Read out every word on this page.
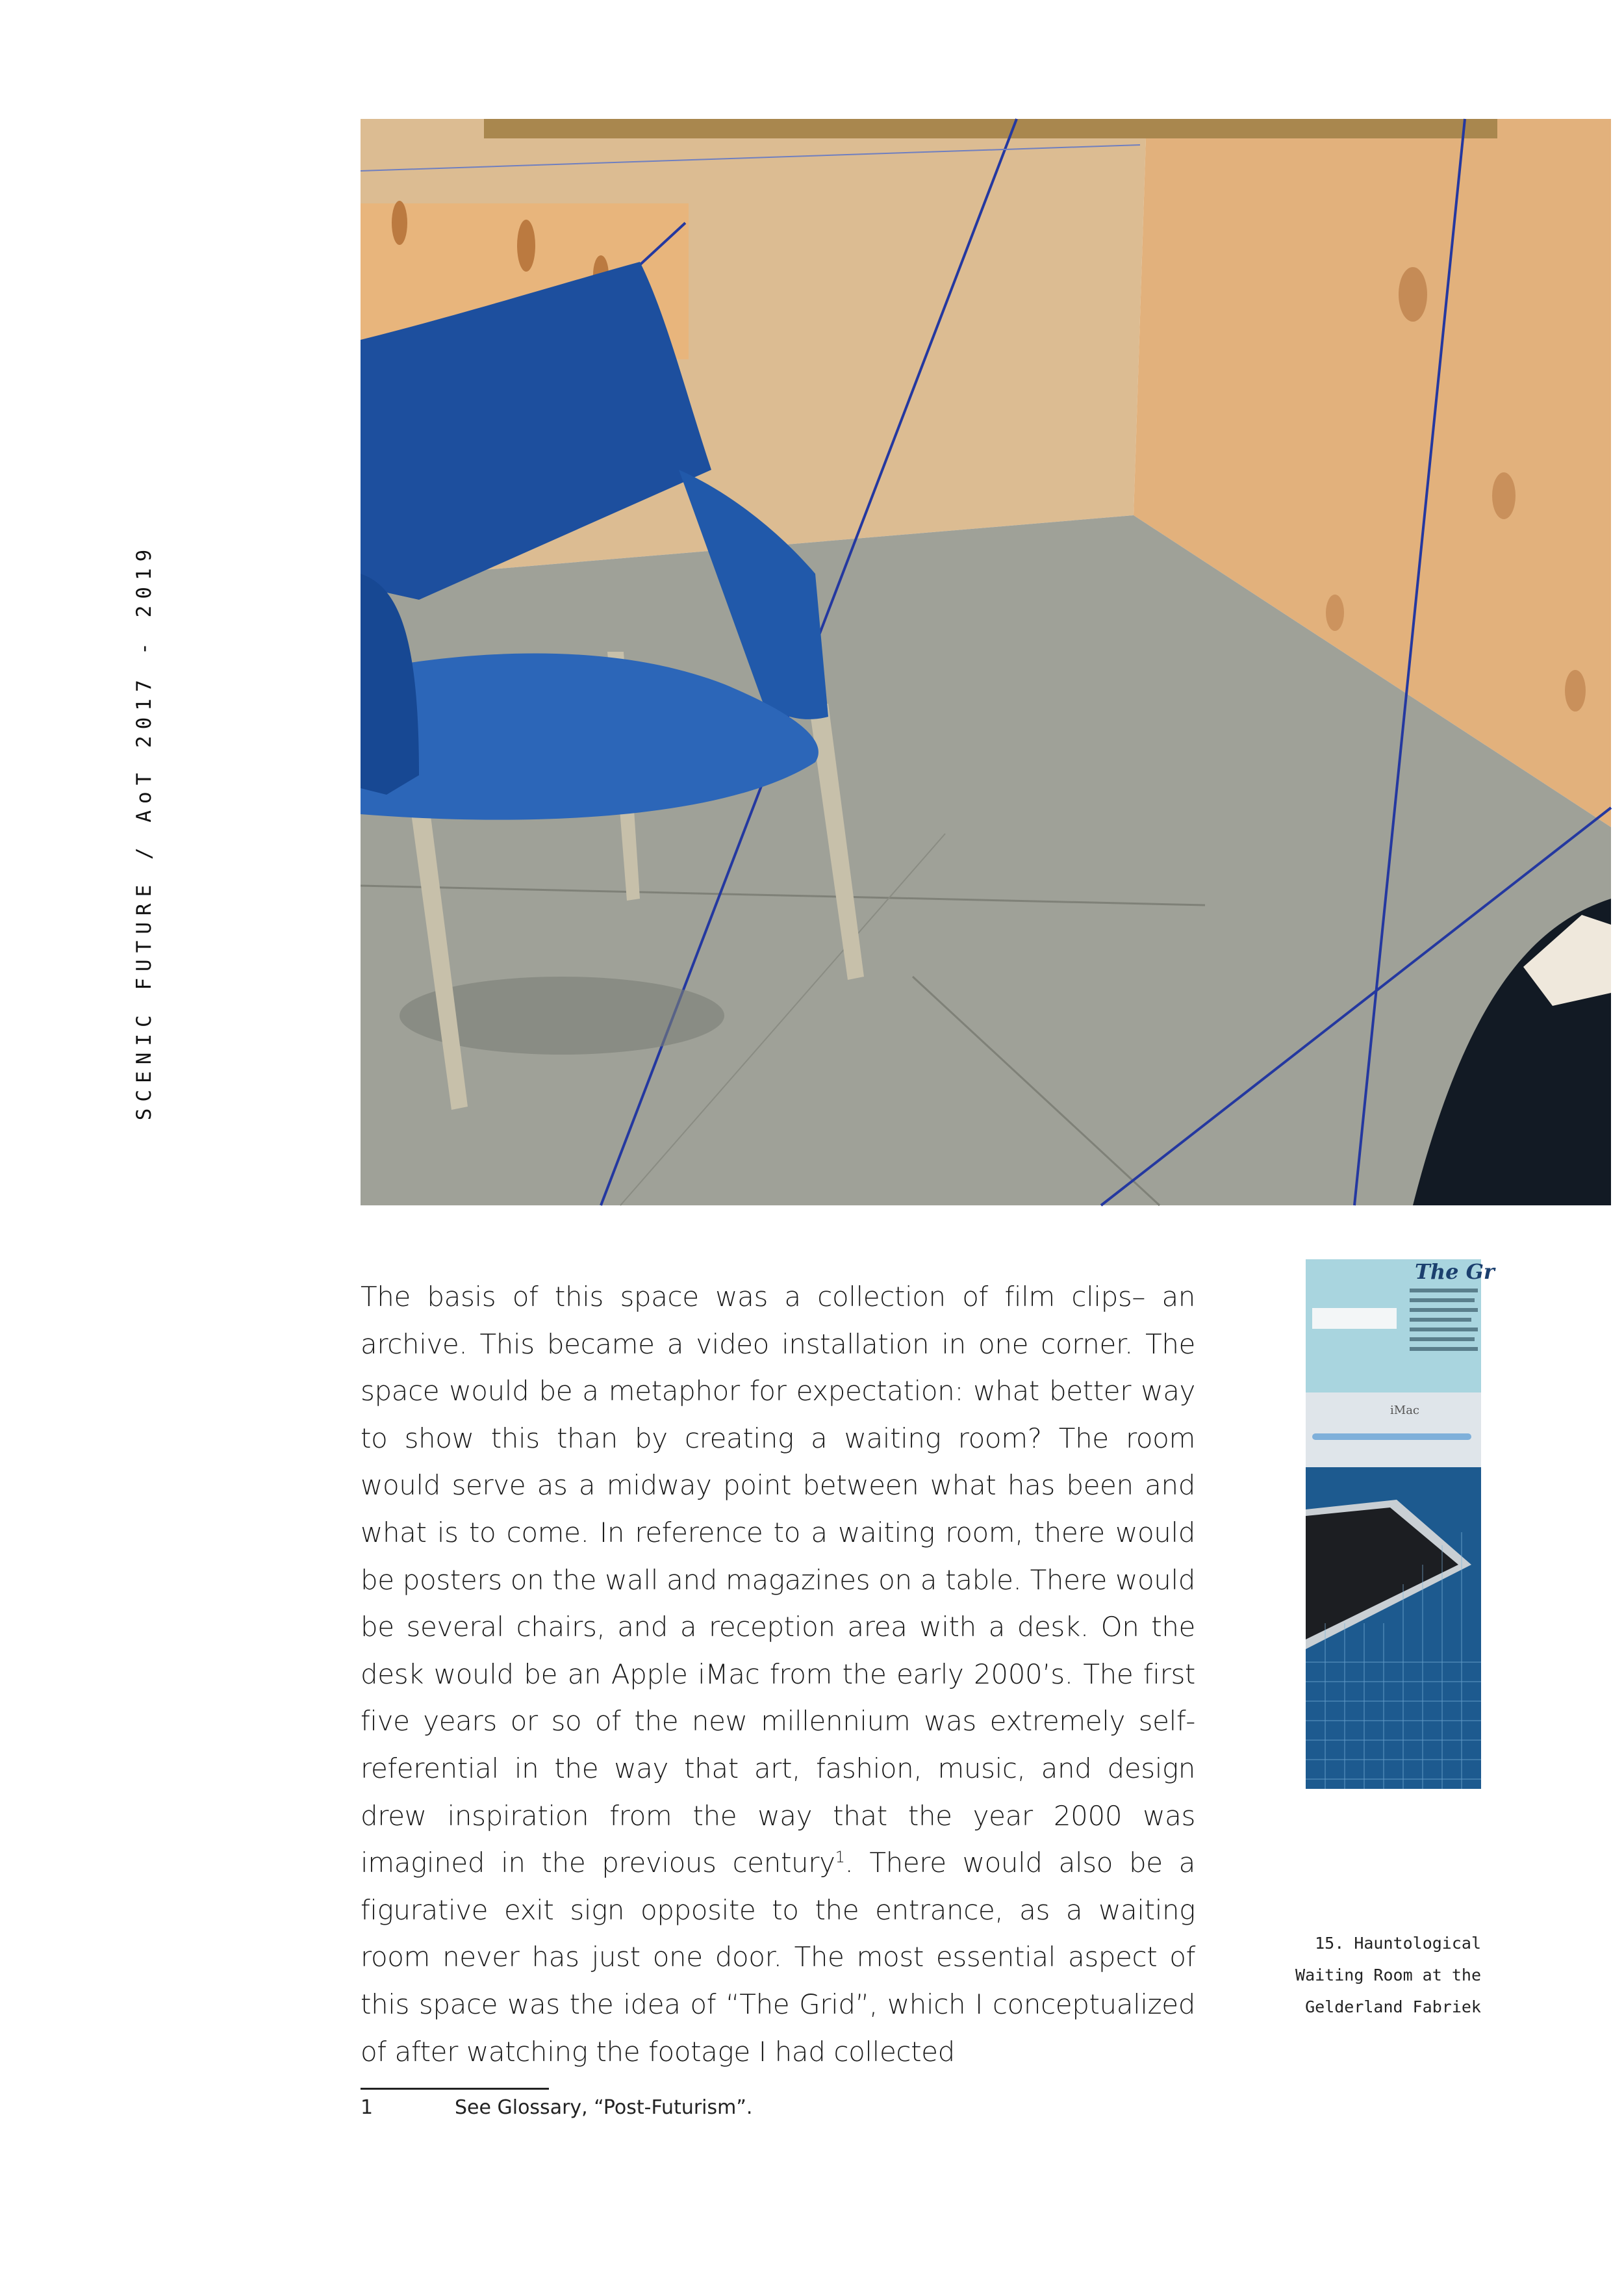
SCENIC FUTURE / AoT 2017 - 2019

The basis of this space was a collection of film clips– an archive. This became a video installation in one corner. The space would be a metaphor for expectation: what better way to show this than by creating a waiting room? The room would serve as a midway point between what has been and what is to come. In reference to a waiting room, there would be posters on the wall and magazines on a table. There would be several chairs, and a reception area with a desk. On the desk would be an Apple iMac from the early 2000’s. The first five years or so of the new millennium was extremely self-referential in the way that art, fashion, music, and design drew inspiration from the way that the year 2000 was imagined in the previous century$^1$. There would also be a figurative exit sign opposite to the entrance, as a waiting room never has just one door. The most essential aspect of this space was the idea of “The Grid”, which I conceptualized of after watching the footage I had collected

The Gr
iMac
15. Hauntological
Waiting Room at the
Gelderland Fabriek
1	See Glossary, “Post-Futurism”.
